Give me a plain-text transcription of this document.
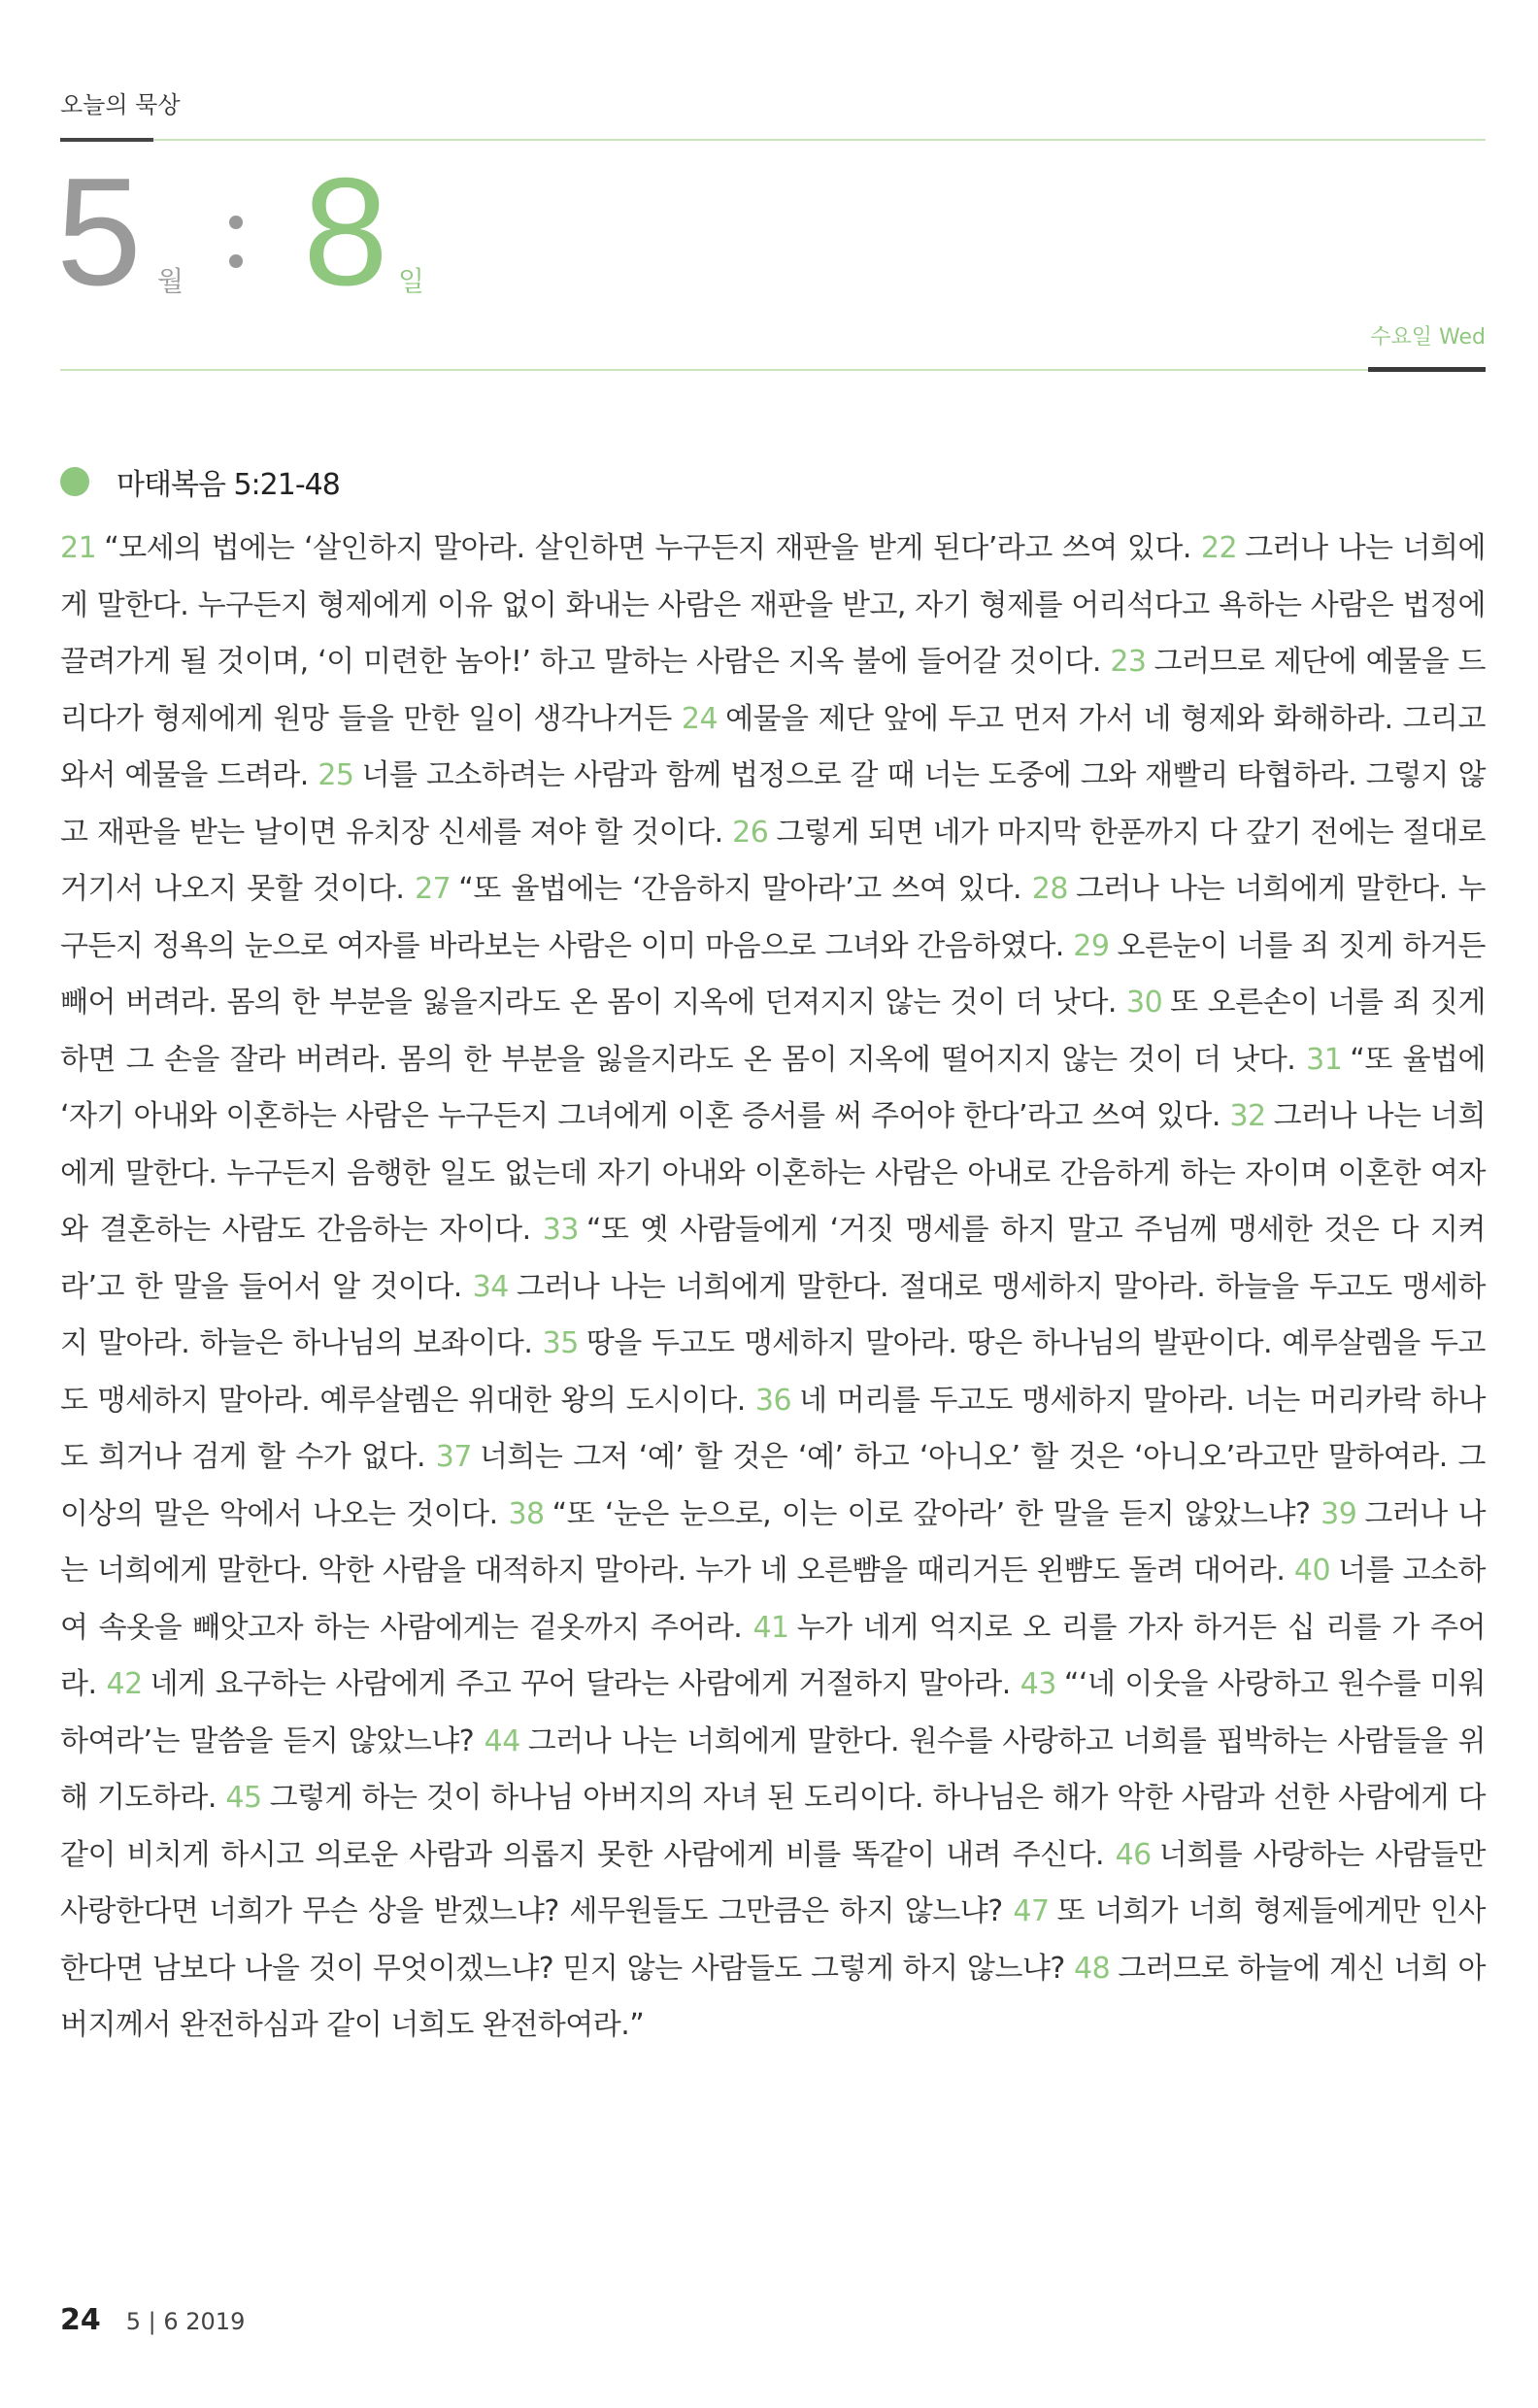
오늘의 묵상
5 월 8 일
수요일 Wed
마태복음 5:21-48
21 “모세의 법에는 ‘살인하지 말아라. 살인하면 누구든지 재판을 받게 된다’라고 쓰여 있다. 22 그러나 나는 너희에게 말한다. 누구든지 형제에게 이유 없이 화내는 사람은 재판을 받고, 자기 형제를 어리석다고 욕하는 사람은 법정에 끌려가게 될 것이며, ‘이 미련한 놈아!’ 하고 말하는 사람은 지옥 불에 들어갈 것이다. 23 그러므로 제단에 예물을 드리다가 형제에게 원망 들을 만한 일이 생각나거든 24 예물을 제단 앞에 두고 먼저 가서 네 형제와 화해하라. 그리고 와서 예물을 드려라. 25 너를 고소하려는 사람과 함께 법정으로 갈 때 너는 도중에 그와 재빨리 타협하라. 그렇지 않고 재판을 받는 날이면 유치장 신세를 져야 할 것이다. 26 그렇게 되면 네가 마지막 한푼까지 다 갚기 전에는 절대로 거기서 나오지 못할 것이다. 27 “또 율법에는 ‘간음하지 말아라’고 쓰여 있다. 28 그러나 나는 너희에게 말한다. 누구든지 정욕의 눈으로 여자를 바라보는 사람은 이미 마음으로 그녀와 간음하였다. 29 오른눈이 너를 죄 짓게 하거든 빼어 버려라. 몸의 한 부분을 잃을지라도 온 몸이 지옥에 던져지지 않는 것이 더 낫다. 30 또 오른손이 너를 죄 짓게 하면 그 손을 잘라 버려라. 몸의 한 부분을 잃을지라도 온 몸이 지옥에 떨어지지 않는 것이 더 낫다. 31 “또 율법에 ‘자기 아내와 이혼하는 사람은 누구든지 그녀에게 이혼 증서를 써 주어야 한다’라고 쓰여 있다. 32 그러나 나는 너희에게 말한다. 누구든지 음행한 일도 없는데 자기 아내와 이혼하는 사람은 아내로 간음하게 하는 자이며 이혼한 여자와 결혼하는 사람도 간음하는 자이다. 33 “또 옛 사람들에게 ‘거짓 맹세를 하지 말고 주님께 맹세한 것은 다 지켜라’고 한 말을 들어서 알 것이다. 34 그러나 나는 너희에게 말한다. 절대로 맹세하지 말아라. 하늘을 두고도 맹세하지 말아라. 하늘은 하나님의 보좌이다. 35 땅을 두고도 맹세하지 말아라. 땅은 하나님의 발판이다. 예루살렘을 두고도 맹세하지 말아라. 예루살렘은 위대한 왕의 도시이다. 36 네 머리를 두고도 맹세하지 말아라. 너는 머리카락 하나도 희거나 검게 할 수가 없다. 37 너희는 그저 ‘예’ 할 것은 ‘예’ 하고 ‘아니오’ 할 것은 ‘아니오’라고만 말하여라. 그 이상의 말은 악에서 나오는 것이다. 38 “또 ‘눈은 눈으로, 이는 이로 갚아라’ 한 말을 듣지 않았느냐? 39 그러나 나는 너희에게 말한다. 악한 사람을 대적하지 말아라. 누가 네 오른뺨을 때리거든 왼뺨도 돌려 대어라. 40 너를 고소하여 속옷을 빼앗고자 하는 사람에게는 겉옷까지 주어라. 41 누가 네게 억지로 오 리를 가자 하거든 십 리를 가 주어라. 42 네게 요구하는 사람에게 주고 꾸어 달라는 사람에게 거절하지 말아라. 43 “‘네 이웃을 사랑하고 원수를 미워하여라’는 말씀을 듣지 않았느냐? 44 그러나 나는 너희에게 말한다. 원수를 사랑하고 너희를 핍박하는 사람들을 위해 기도하라. 45 그렇게 하는 것이 하나님 아버지의 자녀 된 도리이다. 하나님은 해가 악한 사람과 선한 사람에게 다 같이 비치게 하시고 의로운 사람과 의롭지 못한 사람에게 비를 똑같이 내려 주신다. 46 너희를 사랑하는 사람들만 사랑한다면 너희가 무슨 상을 받겠느냐? 세무원들도 그만큼은 하지 않느냐? 47 또 너희가 너희 형제들에게만 인사한다면 남보다 나을 것이 무엇이겠느냐? 믿지 않는 사람들도 그렇게 하지 않느냐? 48 그러므로 하늘에 계신 너희 아버지께서 완전하심과 같이 너희도 완전하여라.”
24 5 | 6 2019
